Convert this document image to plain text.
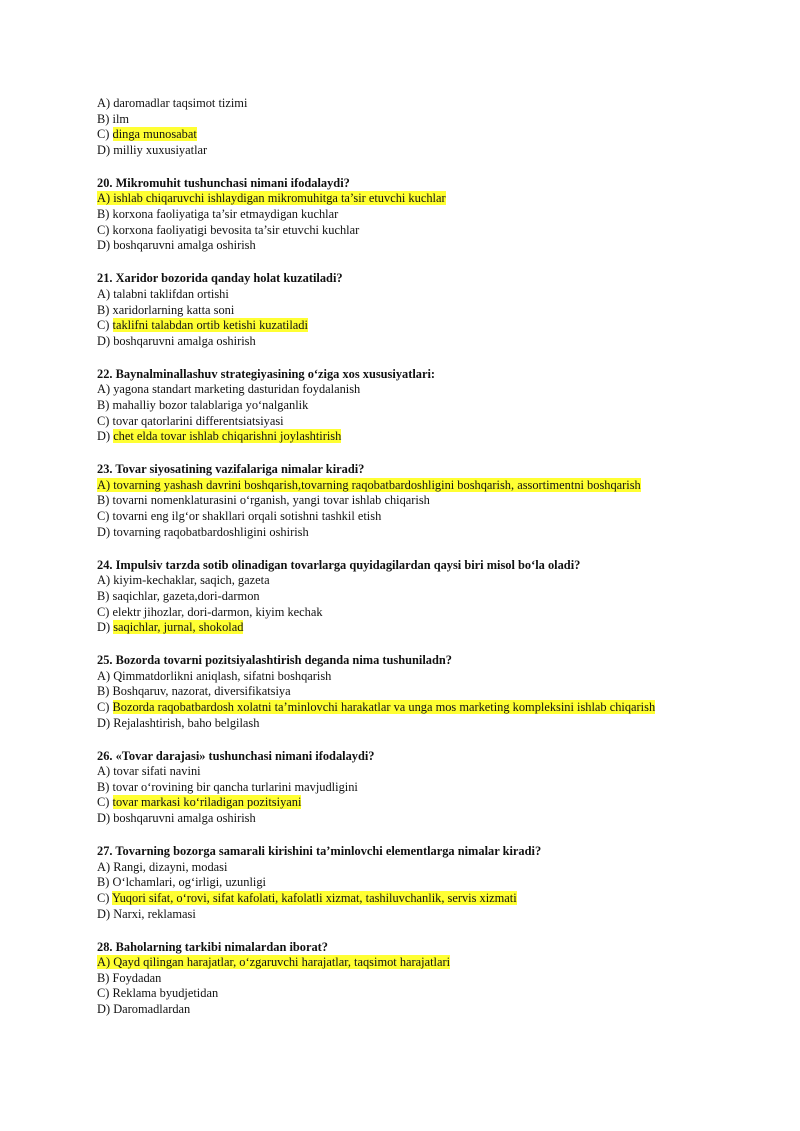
A) daromadlar taqsimot tizimi
B) ilm
C) dinga munosabat
D) milliy xuxusiyatlar
20. Mikromuhit tushunchasi nimani ifodalaydi?
A) ishlab chiqaruvchi ishlaydigan mikromuhitga ta’sir etuvchi kuchlar
B) korxona faoliyatiga ta’sir etmaydigan kuchlar
C) korxona faoliyatigi bevosita ta’sir etuvchi kuchlar
D) boshqaruvni amalga oshirish
21. Xaridor bozorida qanday holat kuzatiladi?
A) talabni taklifdan ortishi
B) xaridorlarning katta soni
C) taklifni talabdan ortib ketishi kuzatiladi
D) boshqaruvni amalga oshirish
22. Baynalminallashuv strategiyasining o‘ziga xos xususiyatlari:
A) yagona standart marketing dasturidan foydalanish
B) mahalliy bozor talablariga yo‘nalganlik
C) tovar qatorlarini differentsiatsiyasi
D) chet elda tovar ishlab chiqarishni joylashtirish
23. Tovar siyosatining vazifalariga nimalar kiradi?
A) tovarning yashash davrini boshqarish,tovarning raqobatbardoshligini boshqarish, assortimentni boshqarish
B) tovarni nomenklaturasini o‘rganish, yangi tovar ishlab chiqarish
C) tovarni eng ilg‘or shakllari orqali sotishni tashkil etish
D) tovarning raqobatbardoshligini oshirish
24. Impulsiv tarzda sotib olinadigan tovarlarga quyidagilardan qaysi biri misol bo‘la oladi?
A) kiyim-kechaklar, saqich, gazeta
B) saqichlar, gazeta,dori-darmon
C) elektr jihozlar, dori-darmon, kiyim kechak
D) saqichlar, jurnal, shokolad
25. Bozorda tovarni pozitsiyalashtirish deganda nima tushuniladn?
A) Qimmatdorlikni aniqlash, sifatni boshqarish
B) Boshqaruv, nazorat, diversifikatsiya
C) Bozorda raqobatbardosh xolatni ta’minlovchi harakatlar va unga mos marketing kompleksini ishlab chiqarish
D) Rejalashtirish, baho belgilash
26. «Tovar darajasi» tushunchasi nimani ifodalaydi?
A) tovar sifati navini
B) tovar o‘rovining bir qancha turlarini mavjudligini
C) tovar markasi ko‘riladigan pozitsiyani
D) boshqaruvni amalga oshirish
27. Tovarning bozorga samarali kirishini ta’minlovchi elementlarga nimalar kiradi?
A) Rangi, dizayni, modasi
B) O‘lchamlari, og‘irligi, uzunligi
C) Yuqori sifat, o‘rovi, sifat kafolati, kafolatli xizmat, tashiluvchanlik, servis xizmati
D) Narxi, reklamasi
28. Baholarning tarkibi nimalardan iborat?
A) Qayd qilingan harajatlar, o‘zgaruvchi harajatlar, taqsimot harajatlari
B) Foydadan
C) Reklama byudjetidan
D) Daromadlardan
